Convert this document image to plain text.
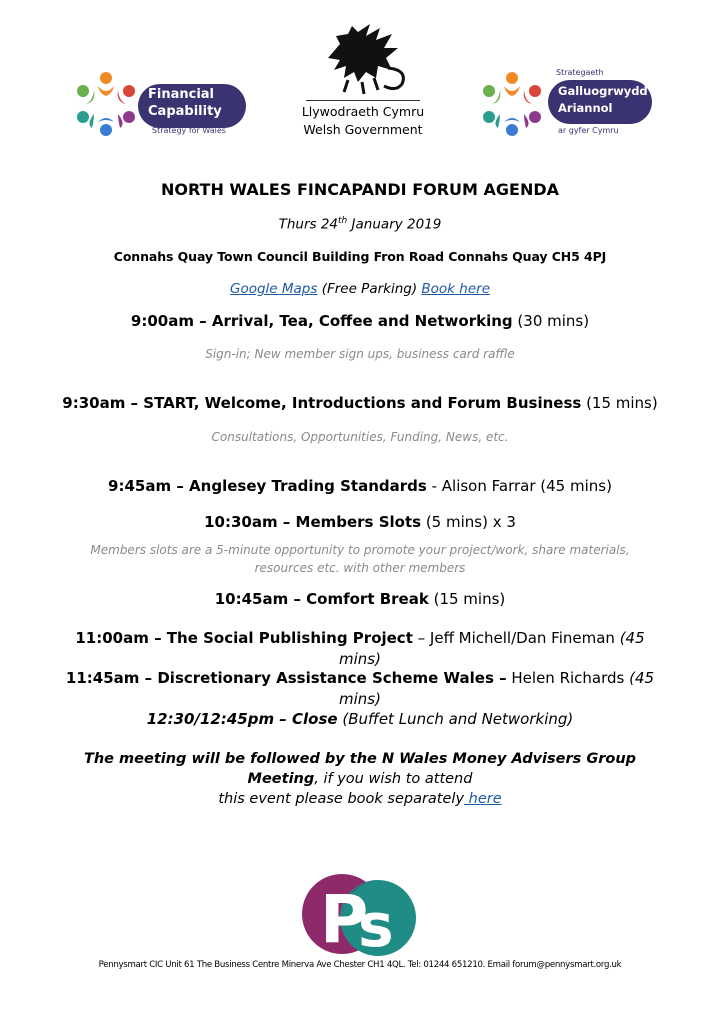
Financial
Capability
Strategy for Wales
Llywodraeth Cymru
Welsh Government
Strategaeth
Galluogrwydd
Ariannol
ar gyfer Cymru
NORTH WALES FINCAPANDI FORUM AGENDA
Thurs 24th January 2019
Connahs Quay Town Council Building Fron Road Connahs Quay CH5 4PJ
Google Maps (Free Parking) Book here
9:00am – Arrival, Tea, Coffee and Networking (30 mins)
Sign-in; New member sign ups, business card raffle
9:30am – START, Welcome, Introductions and Forum Business (15 mins)
Consultations, Opportunities, Funding, News, etc.
9:45am – Anglesey Trading Standards - Alison Farrar (45 mins)
10:30am – Members Slots (5 mins) x 3
Members slots are a 5-minute opportunity to promote your project/work, share materials,
resources etc. with other members
10:45am – Comfort Break (15 mins)
11:00am – The Social Publishing Project – Jeff Michell/Dan Fineman (45
mins)
11:45am – Discretionary Assistance Scheme Wales – Helen Richards (45
mins)
12:30/12:45pm – Close (Buffet Lunch and Networking)
The meeting will be followed by the N Wales Money Advisers Group
Meeting, if you wish to attend
this event please book separately here
P
s
Pennysmart CIC Unit 61 The Business Centre Minerva Ave Chester CH1 4QL. Tel: 01244 651210. Email forum@pennysmart.org.uk
